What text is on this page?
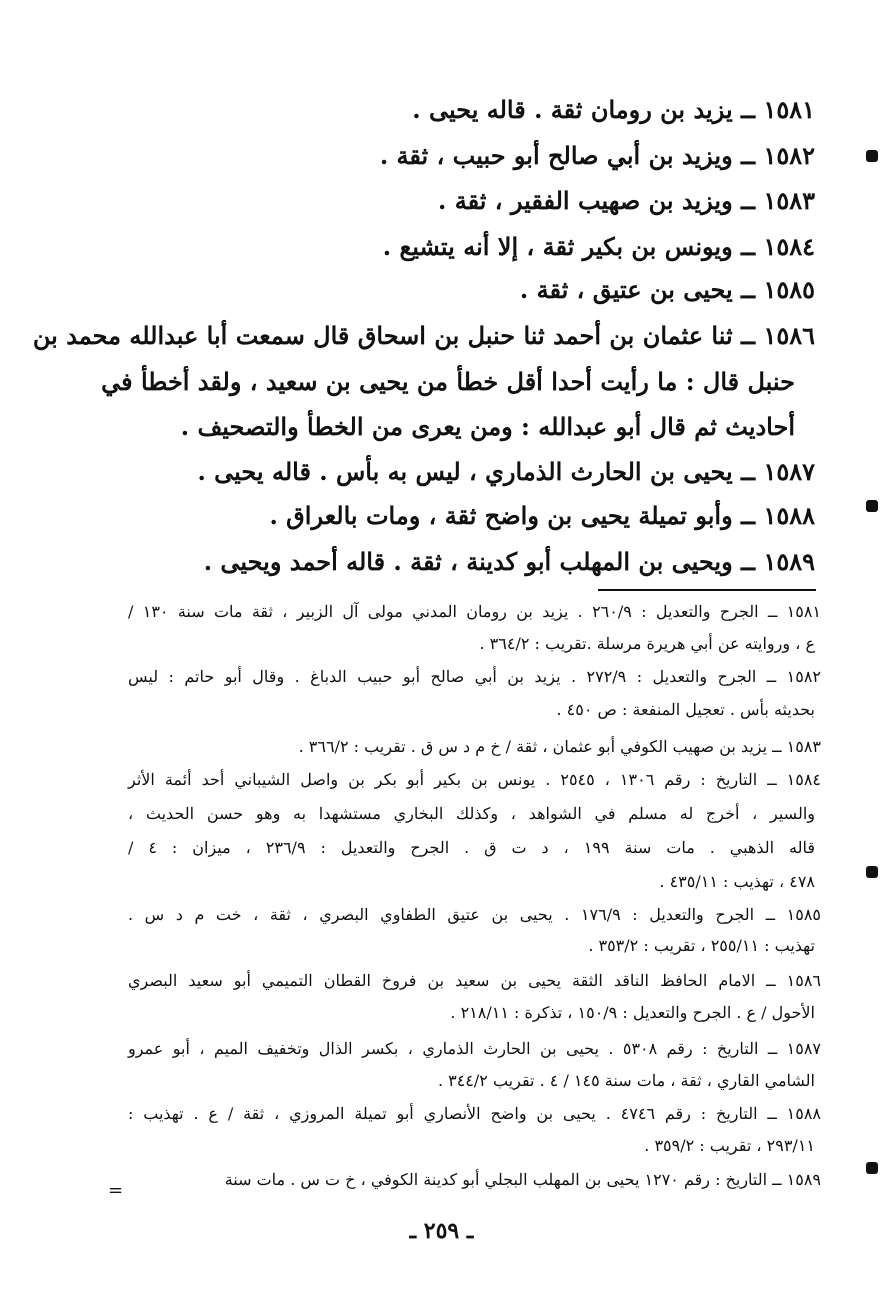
١٥٨١ ــ يزيد بن رومان ثقة . قاله يحيى .
١٥٨٢ ــ ويزيد بن أبي صالح أبو حبيب ، ثقة .
١٥٨٣ ــ ويزيد بن صهيب الفقير ، ثقة .
١٥٨٤ ــ ويونس بن بكير ثقة ، إلا أنه يتشيع .
١٥٨٥ ــ يحيى بن عتيق ، ثقة .
١٥٨٦ ــ ثنا عثمان بن أحمد ثنا حنبل بن اسحاق قال سمعت أبا عبدالله محمد بن
حنبل قال : ما رأيت أحدا أقل خطأ من يحيى بن سعيد ، ولقد أخطأ في
أحاديث ثم قال أبو عبدالله : ومن يعرى من الخطأ والتصحيف .
١٥٨٧ ــ يحيى بن الحارث الذماري ، ليس به بأس . قاله يحيى .
١٥٨٨ ــ وأبو تميلة يحيى بن واضح ثقة ، ومات بالعراق .
١٥٨٩ ــ ويحيى بن المهلب أبو كدينة ، ثقة . قاله أحمد ويحيى .
١٥٨١ ــ الجرح والتعديل : ٢٦٠/٩ . يزيد بن رومان المدني مولى آل الزبير ، ثقة مات سنة ١٣٠ /
ع ، وروايته عن أبي هريرة مرسلة .تقريب : ٣٦٤/٢ .
١٥٨٢ ــ الجرح والتعديل : ٢٧٢/٩ . يزيد بن أبي صالح أبو حبيب الدباغ . وقال أبو حاتم : ليس
بحديثه بأس . تعجيل المنفعة : ص ٤٥٠ .
١٥٨٣ ــ يزيد بن صهيب الكوفي أبو عثمان ، ثقة / خ م د س ق . تقريب : ٣٦٦/٢ .
١٥٨٤ ــ التاريخ : رقم ١٣٠٦ ، ٢٥٤٥ . يونس بن بكير أبو بكر بن واصل الشيباني أحد أئمة الأثر
والسير ، أخرج له مسلم في الشواهد ، وكذلك البخاري مستشهدا به وهو حسن الحديث ،
قاله الذهبي . مات سنة ١٩٩ ، د ت ق . الجرح والتعديل : ٢٣٦/٩ ، ميزان : ٤ /
٤٧٨ ، تهذيب : ٤٣٥/١١ .
١٥٨٥ ــ الجرح والتعديل : ١٧٦/٩ . يحيى بن عتيق الطفاوي البصري ، ثقة ، خت م د س .
تهذيب : ٢٥٥/١١ ، تقريب : ٣٥٣/٢ .
١٥٨٦ ــ الامام الحافظ الناقد الثقة يحيى بن سعيد بن فروخ القطان التميمي أبو سعيد البصري
الأحول / ع . الجرح والتعديل : ١٥٠/٩ ، تذكرة : ٢١٨/١١ .
١٥٨٧ ــ التاريخ : رقم ٥٣٠٨ . يحيى بن الحارث الذماري ، بكسر الذال وتخفيف الميم ، أبو عمرو
الشامي القاري ، ثقة ، مات سنة ١٤٥ / ٤ . تقريب ٣٤٤/٢ .
١٥٨٨ ــ التاريخ : رقم ٤٧٤٦ . يحيى بن واضح الأنصاري أبو تميلة المروزي ، ثقة / ع . تهذيب :
٢٩٣/١١ ، تقريب : ٣٥٩/٢ .
١٥٨٩ ــ التاريخ : رقم ١٢٧٠ يحيى بن المهلب البجلي أبو كدينة الكوفي ، خ ت س . مات سنة
=
ـ ٢٥٩ ـ
